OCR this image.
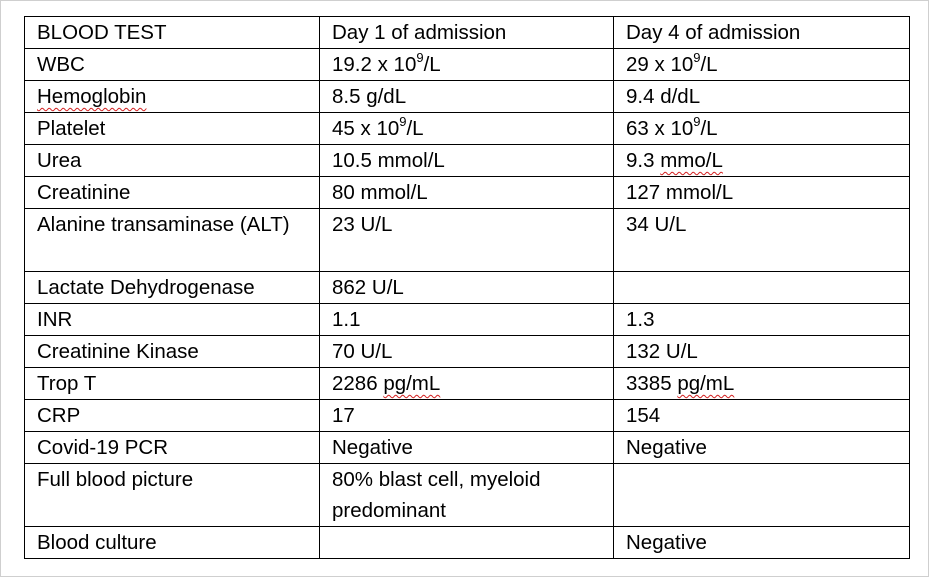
BLOOD TEST	Day 1 of admission	Day 4 of admission
WBC	19.2 x $10^9/L$	29 x $10^9/L$
Hemoglobin	8.5 g/dL	9.4 d/dL
Platelet	45 x $10^9/L$	63 x $10^9/L$
Urea	10.5 mmol/L	9.3 mmo/L
Creatinine	80 mmol/L	127 mmol/L
Alanine transaminase (ALT)	23 U/L	34 U/L
Lactate Dehydrogenase	862 U/L	
INR	1.1	1.3
Creatinine Kinase	70 U/L	132 U/L
Trop T	2286 pg/mL	3385 pg/mL
CRP	17	154
Covid-19 PCR	Negative	Negative
Full blood picture	80% blast cell, myeloid predominant	
Blood culture		Negative
